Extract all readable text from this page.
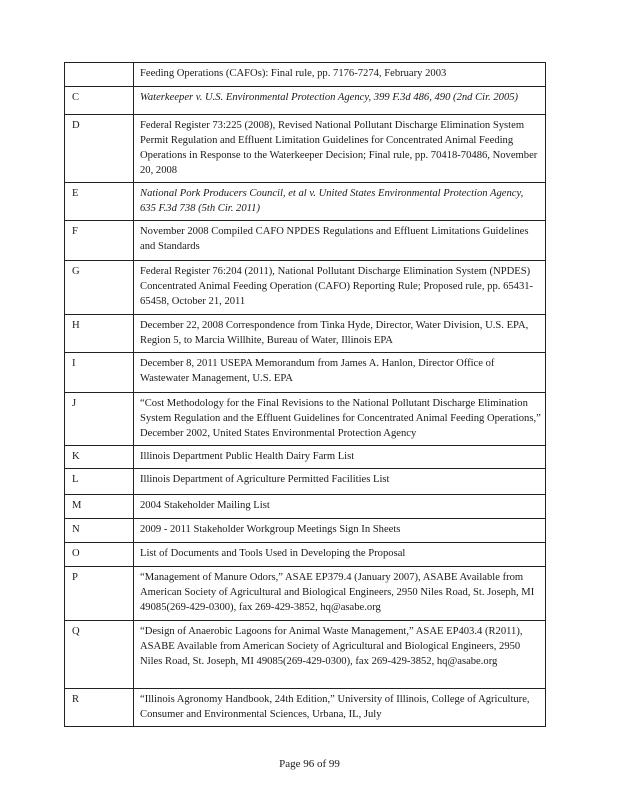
	Feeding Operations (CAFOs): Final rule, pp. 7176-7274, February 2003
C	Waterkeeper v. U.S. Environmental Protection Agency, 399 F.3d 486, 490 (2nd Cir. 2005)
D	Federal Register 73:225 (2008), Revised National Pollutant Discharge Elimination System Permit Regulation and Effluent Limitation Guidelines for Concentrated Animal Feeding Operations in Response to the Waterkeeper Decision; Final rule, pp. 70418-70486, November 20, 2008
E	National Pork Producers Council, et al v. United States Environmental Protection Agency, 635 F.3d 738 (5th Cir. 2011)
F	November 2008 Compiled CAFO NPDES Regulations and Effluent Limitations Guidelines and Standards
G	Federal Register 76:204 (2011), National Pollutant Discharge Elimination System (NPDES) Concentrated Animal Feeding Operation (CAFO) Reporting Rule; Proposed rule, pp. 65431-65458, October 21, 2011
H	December 22, 2008 Correspondence from Tinka Hyde, Director, Water Division, U.S. EPA, Region 5, to Marcia Willhite, Bureau of Water, Illinois EPA
I	December 8, 2011 USEPA Memorandum from James A. Hanlon, Director Office of Wastewater Management, U.S. EPA
J	“Cost Methodology for the Final Revisions to the National Pollutant Discharge Elimination System Regulation and the Effluent Guidelines for Concentrated Animal Feeding Operations,” December 2002, United States Environmental Protection Agency
K	Illinois Department Public Health Dairy Farm List
L	Illinois Department of Agriculture Permitted Facilities List
M	2004 Stakeholder Mailing List
N	2009 - 2011 Stakeholder Workgroup Meetings Sign In Sheets
O	List of Documents and Tools Used in Developing the Proposal
P	“Management of Manure Odors,” ASAE EP379.4 (January 2007), ASABE Available from American Society of Agricultural and Biological Engineers, 2950 Niles Road, St. Joseph, MI 49085(269-429-0300), fax 269-429-3852, hq@asabe.org
Q	“Design of Anaerobic Lagoons for Animal Waste Management,” ASAE EP403.4 (R2011), ASABE Available from American Society of Agricultural and Biological Engineers, 2950 Niles Road, St. Joseph, MI 49085(269-429-0300), fax 269-429-3852, hq@asabe.org
R	“Illinois Agronomy Handbook, 24th Edition,” University of Illinois, College of Agriculture, Consumer and Environmental Sciences, Urbana, IL, July
Page 96 of 99
